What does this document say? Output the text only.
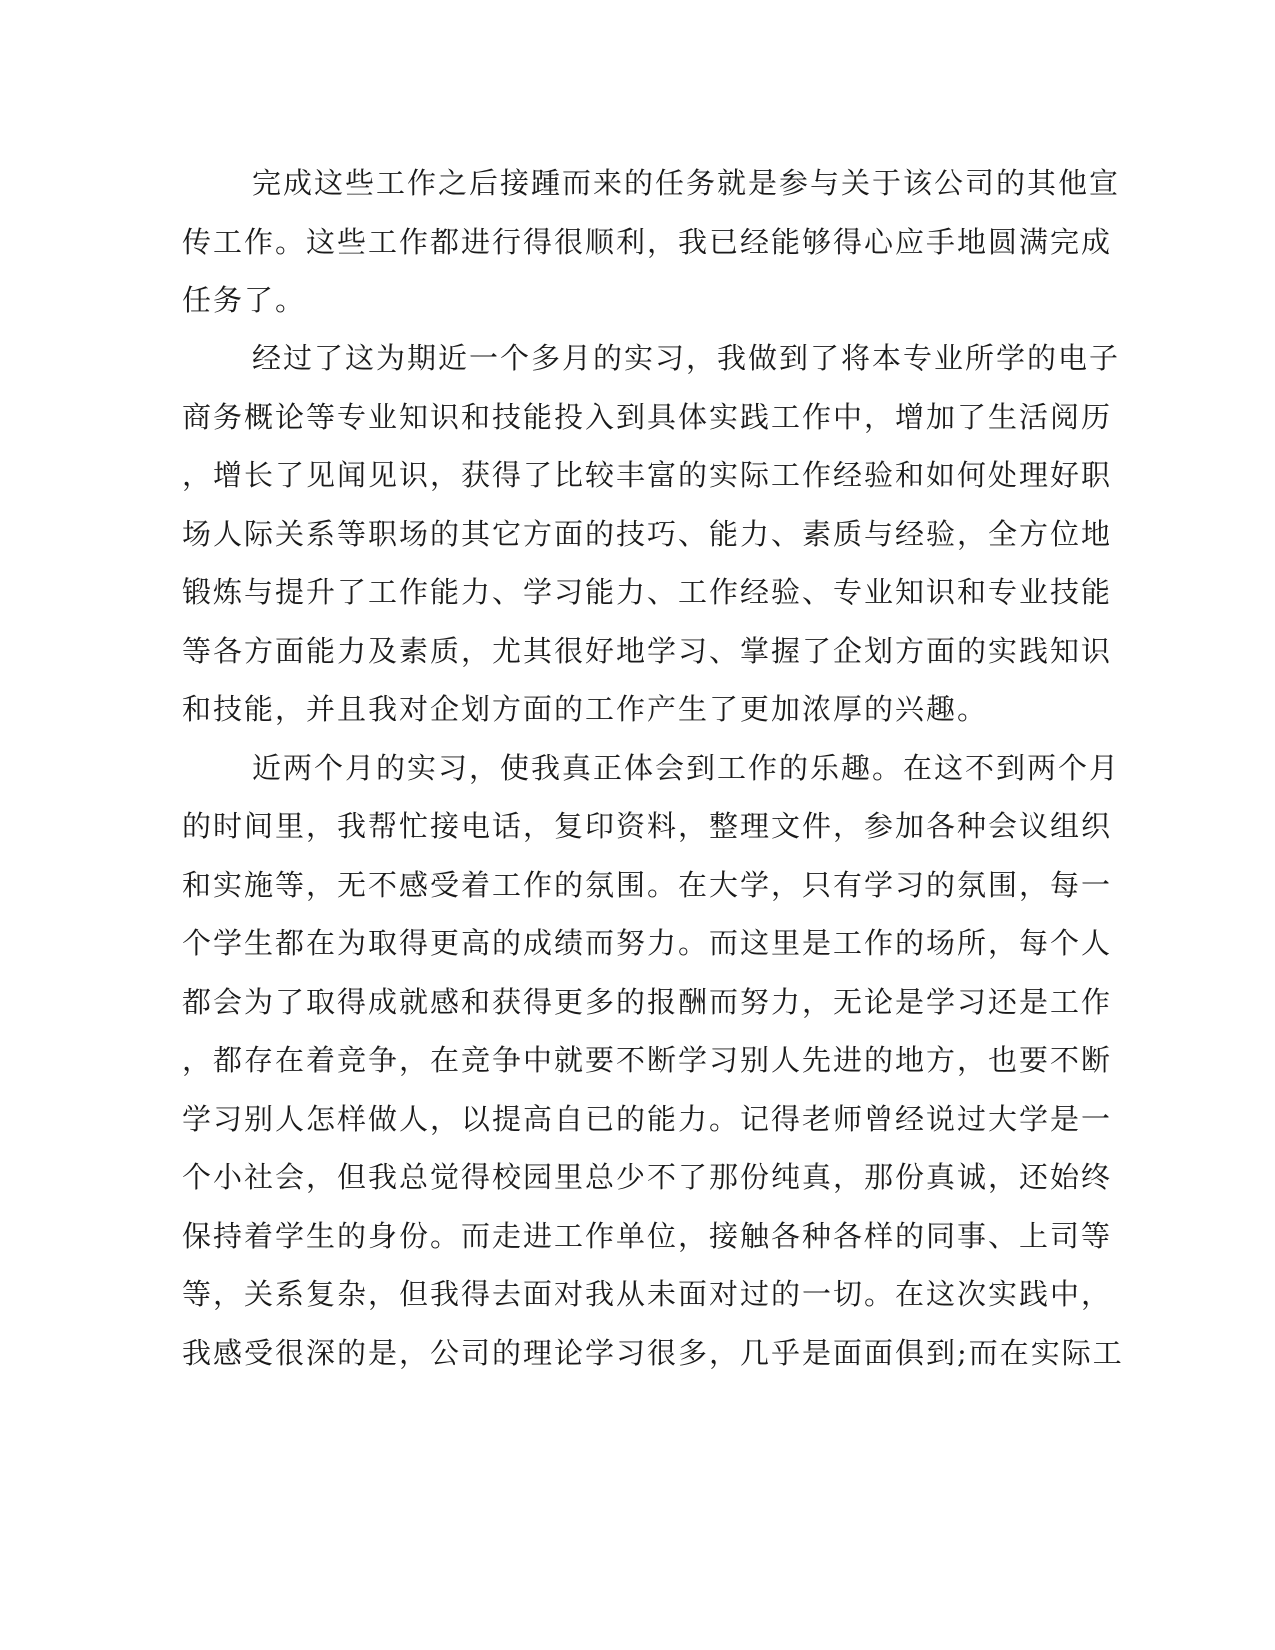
完成这些工作之后接踵而来的任务就是参与关于该公司的其他宣
传工作。这些工作都进行得很顺利，我已经能够得心应手地圆满完成
任务了。
经过了这为期近一个多月的实习，我做到了将本专业所学的电子
商务概论等专业知识和技能投入到具体实践工作中，增加了生活阅历
，增长了见闻见识，获得了比较丰富的实际工作经验和如何处理好职
场人际关系等职场的其它方面的技巧、能力、素质与经验，全方位地
锻炼与提升了工作能力、学习能力、工作经验、专业知识和专业技能
等各方面能力及素质，尤其很好地学习、掌握了企划方面的实践知识
和技能，并且我对企划方面的工作产生了更加浓厚的兴趣。
近两个月的实习，使我真正体会到工作的乐趣。在这不到两个月
的时间里，我帮忙接电话，复印资料，整理文件，参加各种会议组织
和实施等，无不感受着工作的氛围。在大学，只有学习的氛围，每一
个学生都在为取得更高的成绩而努力。而这里是工作的场所，每个人
都会为了取得成就感和获得更多的报酬而努力，无论是学习还是工作
，都存在着竞争，在竞争中就要不断学习别人先进的地方，也要不断
学习别人怎样做人，以提高自已的能力。记得老师曾经说过大学是一
个小社会，但我总觉得校园里总少不了那份纯真，那份真诚，还始终
保持着学生的身份。而走进工作单位，接触各种各样的同事、上司等
等，关系复杂，但我得去面对我从未面对过的一切。在这次实践中，
我感受很深的是，公司的理论学习很多，几乎是面面俱到;而在实际工
